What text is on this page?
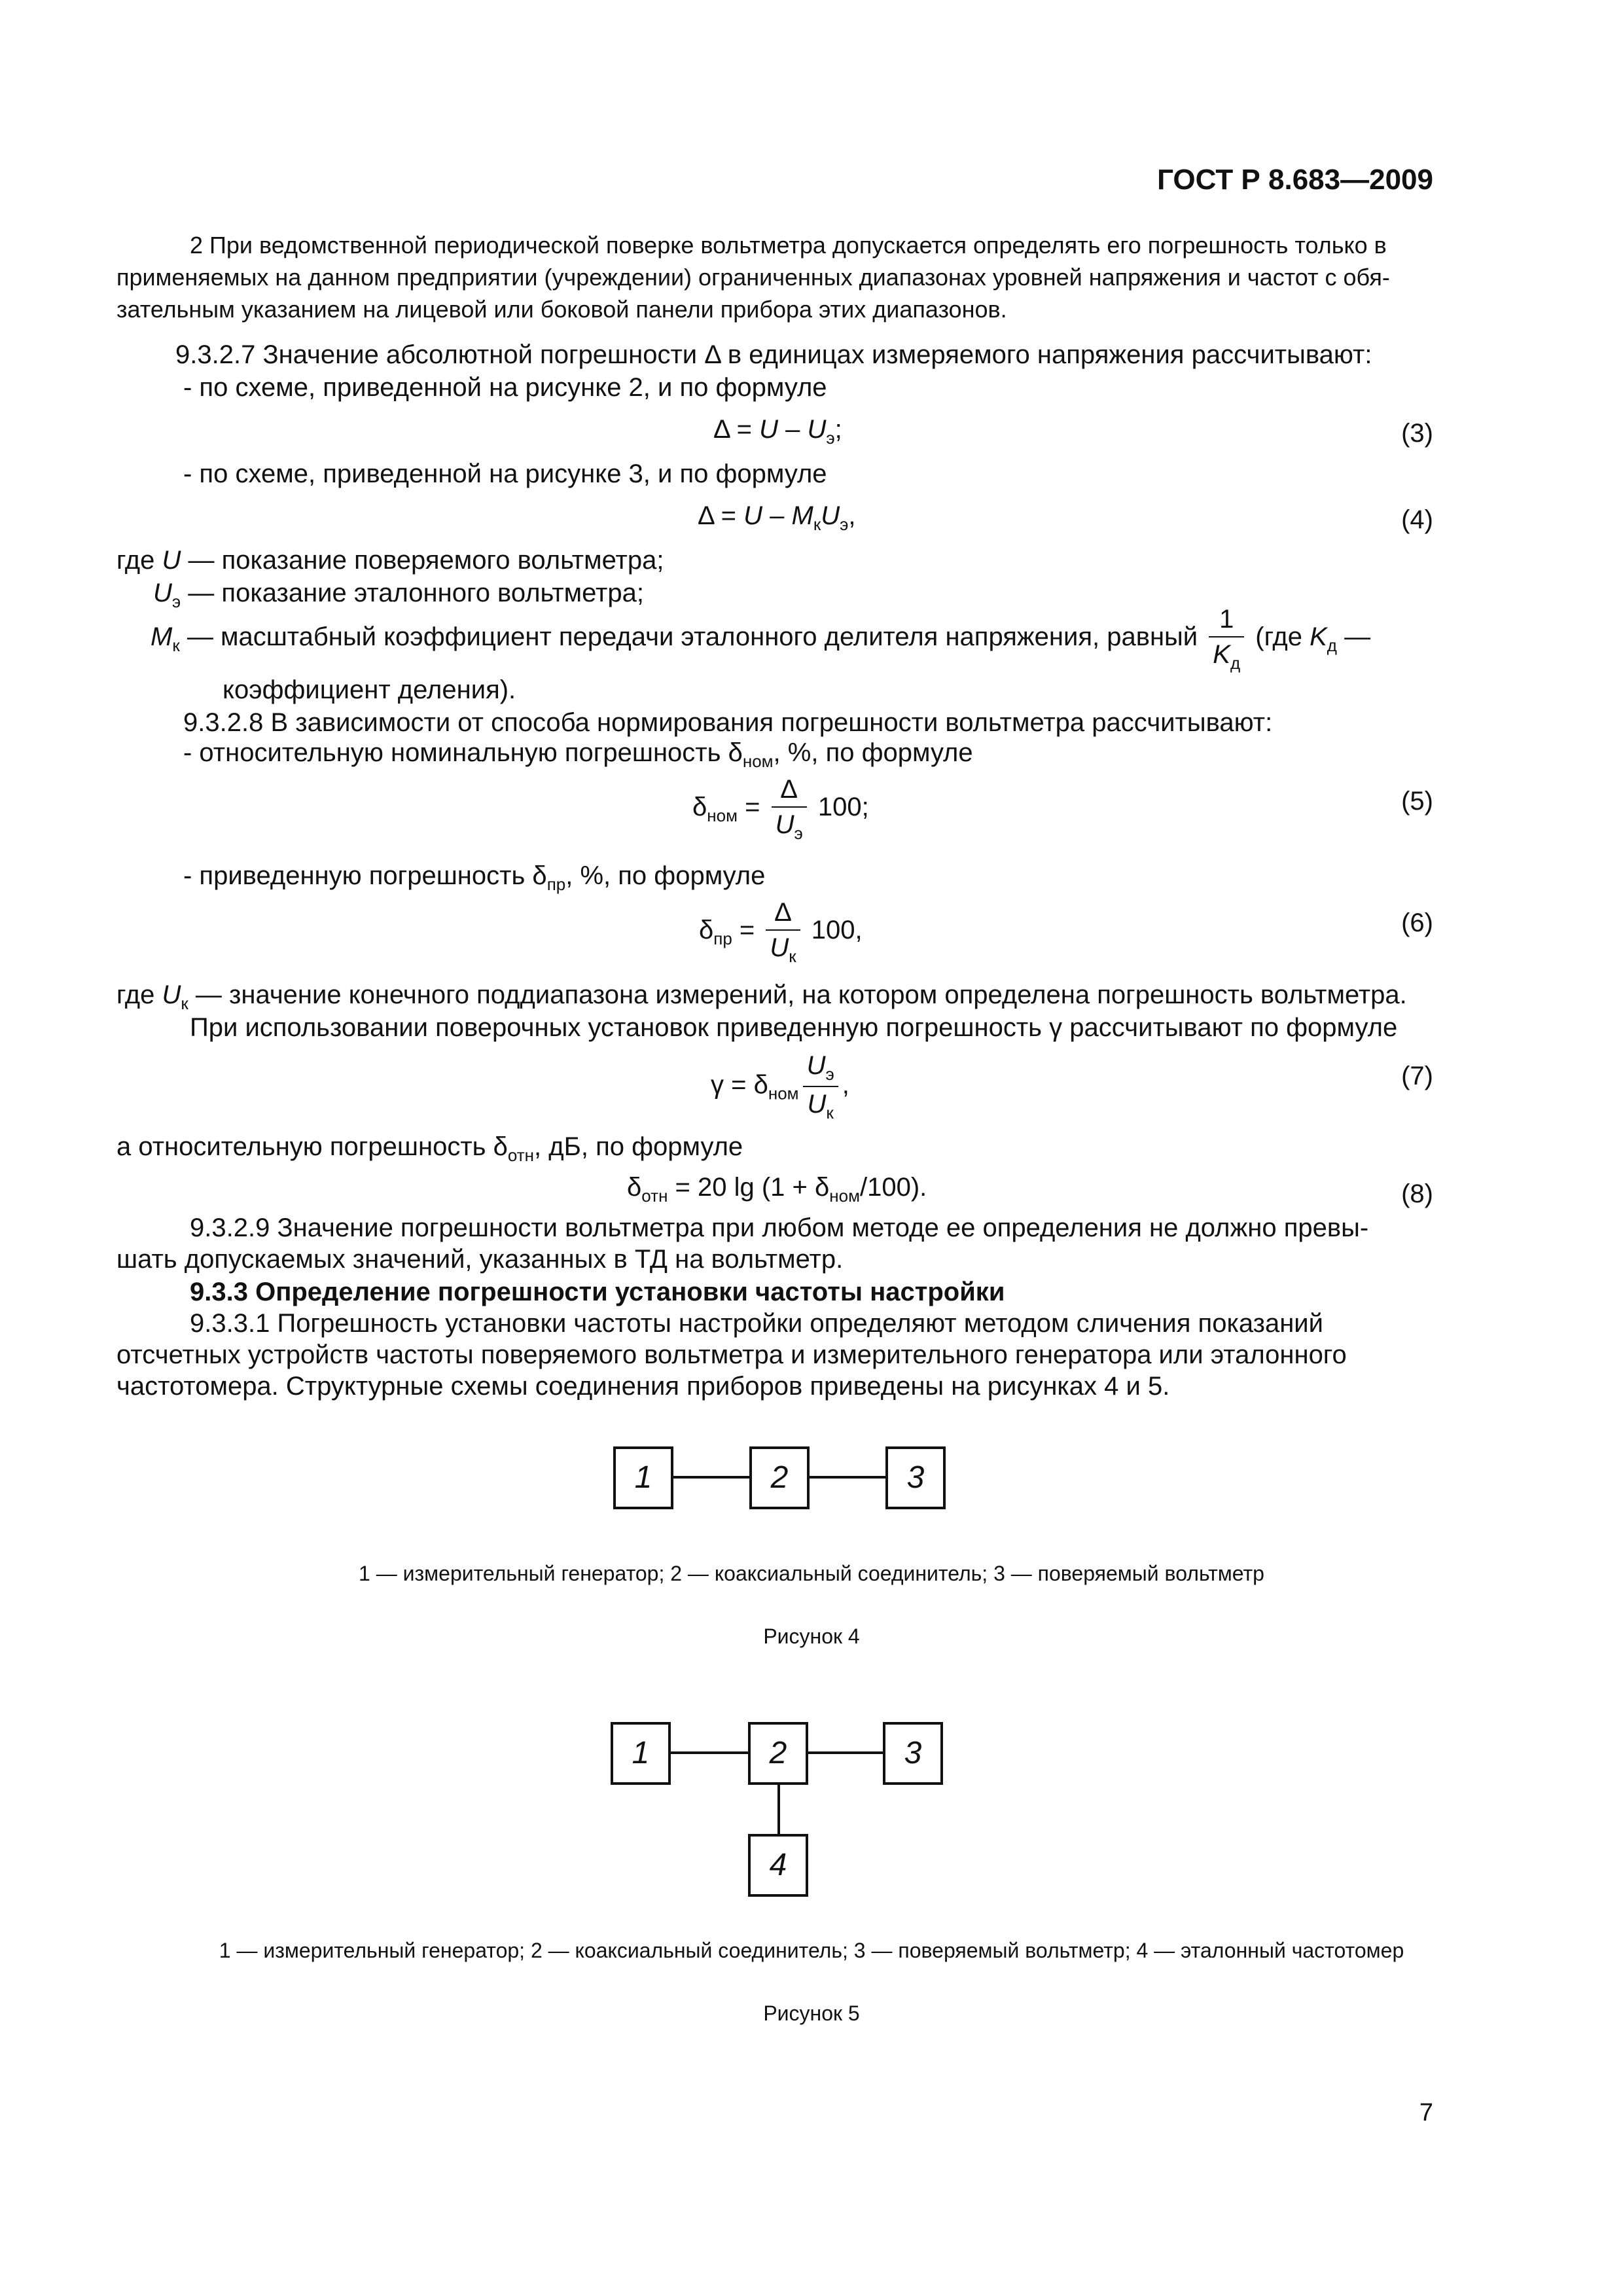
ГОСТ Р 8.683—2009
2 При ведомственной периодической поверке вольтметра допускается определять его погрешность только в
применяемых на данном предприятии (учреждении) ограниченных диапазонах уровней напряжения и частот с обя-
зательным указанием на лицевой или боковой панели прибора этих диапазонов.
9.3.2.7 Значение абсолютной погрешности Δ в единицах измеряемого напряжения рассчитывают:
- по схеме, приведенной на рисунке 2, и по формуле
$\Delta = U - U_э$;	(3)
- по схеме, приведенной на рисунке 3, и по формуле
$\Delta = U - M_кU_э$,	(4)
где U — показание поверяемого вольтметра;
$U_э$ — показание эталонного вольтметра;
$M_к$ — масштабный коэффициент передачи эталонного делителя напряжения, равный $\frac{1}{K_д} (где$ $K_д$ —
коэффициент деления).
9.3.2.8 В зависимости от способа нормирования погрешности вольтметра рассчитывают:
- относительную номинальную погрешность $\delta_{ном}$, %, по формуле
$\delta_{ном} = \frac{\Delta}{U_э} 100$;	(5)
- приведенную погрешность $\delta_{пр}$, %, по формуле
$\delta_{пр} = \frac{\Delta}{U_к} 100$,	(6)
где $U_к$ — значение конечного поддиапазона измерений, на котором определена погрешность вольтметра.
При использовании поверочных установок приведенную погрешность γ рассчитывают по формуле
$\gamma = \delta_{ном} \frac{U_э}{U_к}$ ,	(7)
а относительную погрешность $\delta_{отн}$, дБ, по формуле
$\delta_{отн} = 20$ $\lg (1 + \delta_{ном}/100)$.	(8)
9.3.2.9 Значение погрешности вольтметра при любом методе ее определения не должно превы-
шать допускаемых значений, указанных в ТД на вольтметр.
9.3.3 Определение погрешности установки частоты настройки
9.3.3.1 Погрешность установки частоты настройки определяют методом сличения показаний
отсчетных устройств частоты поверяемого вольтметра и измерительного генератора или эталонного
частотомера. Структурные схемы соединения приборов приведены на рисунках 4 и 5.
1	2	3
1 — измерительный генератор; 2 — коаксиальный соединитель; 3 — поверяемый вольтметр
Рисунок 4
1	2	3
4
1 — измерительный генератор; 2 — коаксиальный соединитель; 3 — поверяемый вольтметр; 4 — эталонный частотомер
Рисунок 5
7
